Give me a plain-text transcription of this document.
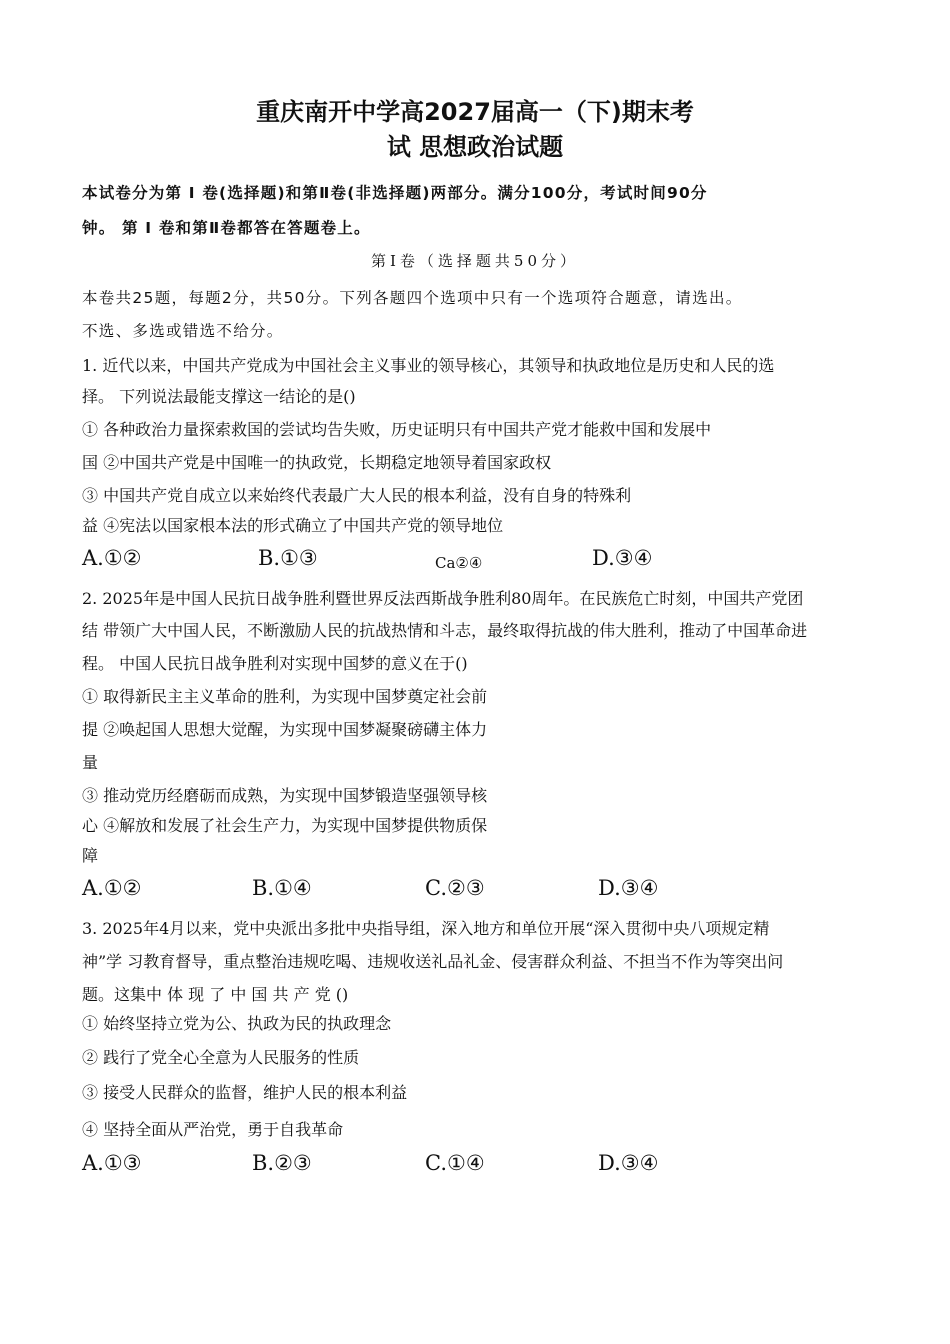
重庆南开中学高2027届高一（下)期末考
试 思想政治试题
本试卷分为第 I 卷(选择题)和第Ⅱ卷(非选择题)两部分。满分100分，考试时间90分
钟。 第 I 卷和第Ⅱ卷都答在答题卷上。
第Ⅰ卷（选择题共50分）
本卷共25题，每题2分，共50分。下列各题四个选项中只有一个选项符合题意，请选出。
不选、多选或错选不给分。
1. 近代以来，中国共产党成为中国社会主义事业的领导核心，其领导和执政地位是历史和人民的选
择。 下列说法最能支撑这一结论的是()
① 各种政治力量探索救国的尝试均告失败，历史证明只有中国共产党才能救中国和发展中
国 ②中国共产党是中国唯一的执政党，长期稳定地领导着国家政权
③ 中国共产党自成立以来始终代表最广大人民的根本利益，没有自身的特殊利
益 ④宪法以国家根本法的形式确立了中国共产党的领导地位
A.①②	B.①③	Ca②④	D.③④
2. 2025年是中国人民抗日战争胜利暨世界反法西斯战争胜利80周年。在民族危亡时刻，中国共产党团
结 带领广大中国人民，不断激励人民的抗战热情和斗志，最终取得抗战的伟大胜利，推动了中国革命进
程。 中国人民抗日战争胜利对实现中国梦的意义在于()
① 取得新民主主义革命的胜利，为实现中国梦奠定社会前
提 ②唤起国人思想大觉醒，为实现中国梦凝聚磅礴主体力
量
③ 推动党历经磨砺而成熟，为实现中国梦锻造坚强领导核
心 ④解放和发展了社会生产力，为实现中国梦提供物质保
障
A.①②	B.①④	C.②③	D.③④
3. 2025年4月以来，党中央派出多批中央指导组，深入地方和单位开展“深入贯彻中央八项规定精
神”学 习教育督导，重点整治违规吃喝、违规收送礼品礼金、侵害群众利益、不担当不作为等突出问
题。这集中 体 现 了 中 国 共 产 党 ()
① 始终坚持立党为公、执政为民的执政理念
② 践行了党全心全意为人民服务的性质
③ 接受人民群众的监督，维护人民的根本利益
④ 坚持全面从严治党，勇于自我革命
A.①③	B.②③	C.①④	D.③④
